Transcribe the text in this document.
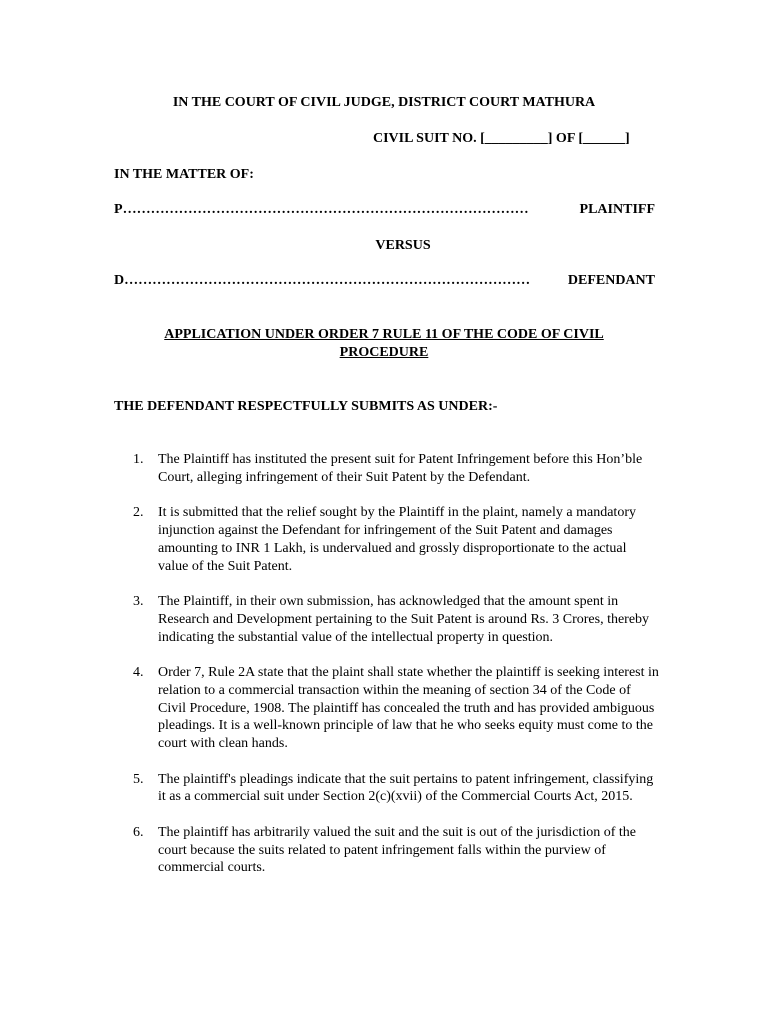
IN THE COURT OF CIVIL JUDGE, DISTRICT COURT MATHURA
CIVIL SUIT NO. [_________] OF [______]
IN THE MATTER OF:
P ……………………………………………………………………………	PLAINTIFF
VERSUS
D ……………………………………………………………………………	DEFENDANT
APPLICATION UNDER ORDER 7 RULE 11 OF THE CODE OF CIVIL PROCEDURE
THE DEFENDANT RESPECTFULLY SUBMITS AS UNDER:-
1.	The Plaintiff has instituted the present suit for Patent Infringement before this Hon’ble Court, alleging infringement of their Suit Patent by the Defendant.
2.	It is submitted that the relief sought by the Plaintiff in the plaint, namely a mandatory injunction against the Defendant for infringement of the Suit Patent and damages amounting to INR 1 Lakh, is undervalued and grossly disproportionate to the actual value of the Suit Patent.
3.	The Plaintiff, in their own submission, has acknowledged that the amount spent in Research and Development pertaining to the Suit Patent is around Rs. 3 Crores, thereby indicating the substantial value of the intellectual property in question.
4.	Order 7, Rule 2A state that the plaint shall state whether the plaintiff is seeking interest in relation to a commercial transaction within the meaning of section 34 of the Code of Civil Procedure, 1908. The plaintiff has concealed the truth and has provided ambiguous pleadings. It is a well-known principle of law that he who seeks equity must come to the court with clean hands.
5.	The plaintiff's pleadings indicate that the suit pertains to patent infringement, classifying it as a commercial suit under Section 2(c)(xvii) of the Commercial Courts Act, 2015.
6.	The plaintiff has arbitrarily valued the suit and the suit is out of the jurisdiction of the court because the suits related to patent infringement falls within the purview of commercial courts.
